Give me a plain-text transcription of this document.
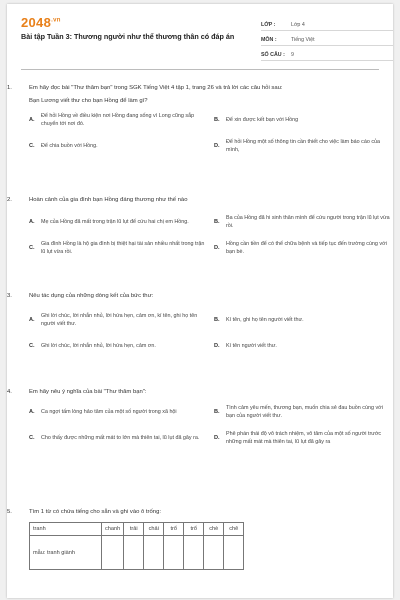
$2048^{.vn}$
Bài tập Tuần 3: Thương người như thể thương thân có đáp án
LỚP :	Lớp 4
MÔN :	Tiếng Việt
SỐ CÂU :	9
1.	Em hãy đọc bài "Thư thăm bạn" trong SGK Tiếng Việt 4 tập 1, trang 26 và trả lời các câu hỏi sau:
Bạn Lương viết thư cho bạn Hồng để làm gì?
A.
Để hỏi Hồng về điều kiện nơi Hồng đang sống vì Long cũng sắp chuyển tới nơi đó.
B.	Để xin được kết bạn với Hồng
C.	Để chia buồn với Hồng.	D.
Để hỏi Hồng một số thông tin cần thiết cho việc làm báo cáo của mình,
2.	Hoàn cảnh của gia đình bạn Hồng đáng thương như thế nào
A.	Mẹ của Hồng đã mất trong trận lũ lụt để cứu hai chị em Hồng.	B.
Ba của Hồng đã hi sinh thân mình để cứu người trong trận lũ lụt vừa rồi.
C.
Gia đình Hồng là hộ gia đình bị thiệt hại tài sản nhiều nhất trong trận lũ lụt vừa rồi.
D.
Hồng cần tiền để có thể chữa bệnh và tiếp tục đến trường cùng với bạn bè.
3.	Nêu tác dụng của những dòng kết của bức thư:
A.
Ghi lời chúc, lời nhắn nhủ, lời hứa hẹn, cảm ơn, kí tên, ghi họ tên người viết thư.
B.	Kí tên, ghi họ tên người viết thư.
C.	Ghi lời chúc, lời nhắn nhủ, lời hứa hẹn, cảm ơn.	D.	Kí tên người viết thư.
4.	Em hãy nêu ý nghĩa của bài "Thư thăm bạn":
A.	Ca ngợi tấm lòng hảo tâm của một số người trong xã hội	B.
Tình cảm yêu mến, thương bạn, muốn chia sẻ đau buồn cùng với bạn của người viết thư.
C.	Cho thấy được những mất mát to lớn mà thiên tai, lũ lụt đã gây ra.	D.
Phê phán thái độ vô trách nhiệm, vô tâm của một số người trước những mất mát mà thiên tai, lũ lụt đã gây ra
5.	Tìm 1 từ có chứa tiếng cho sẵn và ghi vào ô trống:
tranh	chanh	trải	chải	trổ	trổ	chè	chê
mẫu: tranh giành							
